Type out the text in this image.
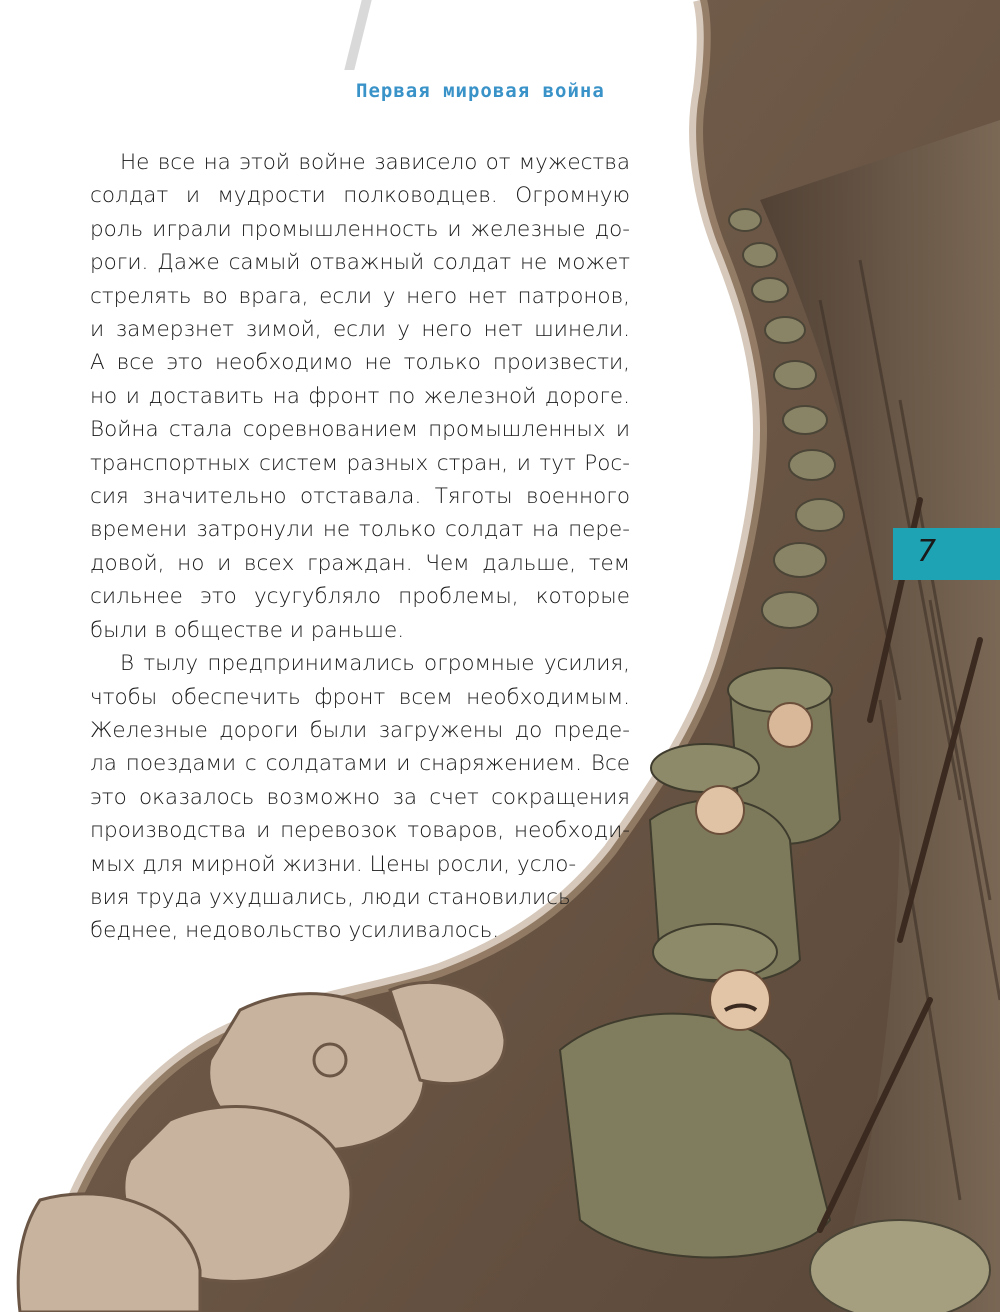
Первая мировая война
Не все на этой войне зависело от мужества
солдат и мудрости полководцев. Огромную
роль играли промышленность и железные до-
роги. Даже самый отважный солдат не может
стрелять во врага, если у него нет патронов,
и замерзнет зимой, если у него нет шинели.
А все это необходимо не только произвести,
но и доставить на фронт по железной дороге.
Война стала соревнованием промышленных и
транспортных систем разных стран, и тут Рос-
сия значительно отставала. Тяготы военного
времени затронули не только солдат на пере-
довой, но и всех граждан. Чем дальше, тем
сильнее это усугубляло проблемы, которые
были в обществе и раньше.
В тылу предпринимались огромные усилия,
чтобы обеспечить фронт всем необходимым.
Железные дороги были загружены до преде-
ла поездами с солдатами и снаряжением. Все
это оказалось возможно за счет сокращения
производства и перевозок товаров, необходи-
мых для мирной жизни. Цены росли, усло-
вия труда ухудшались, люди становились
беднее, недовольство усиливалось.
7
